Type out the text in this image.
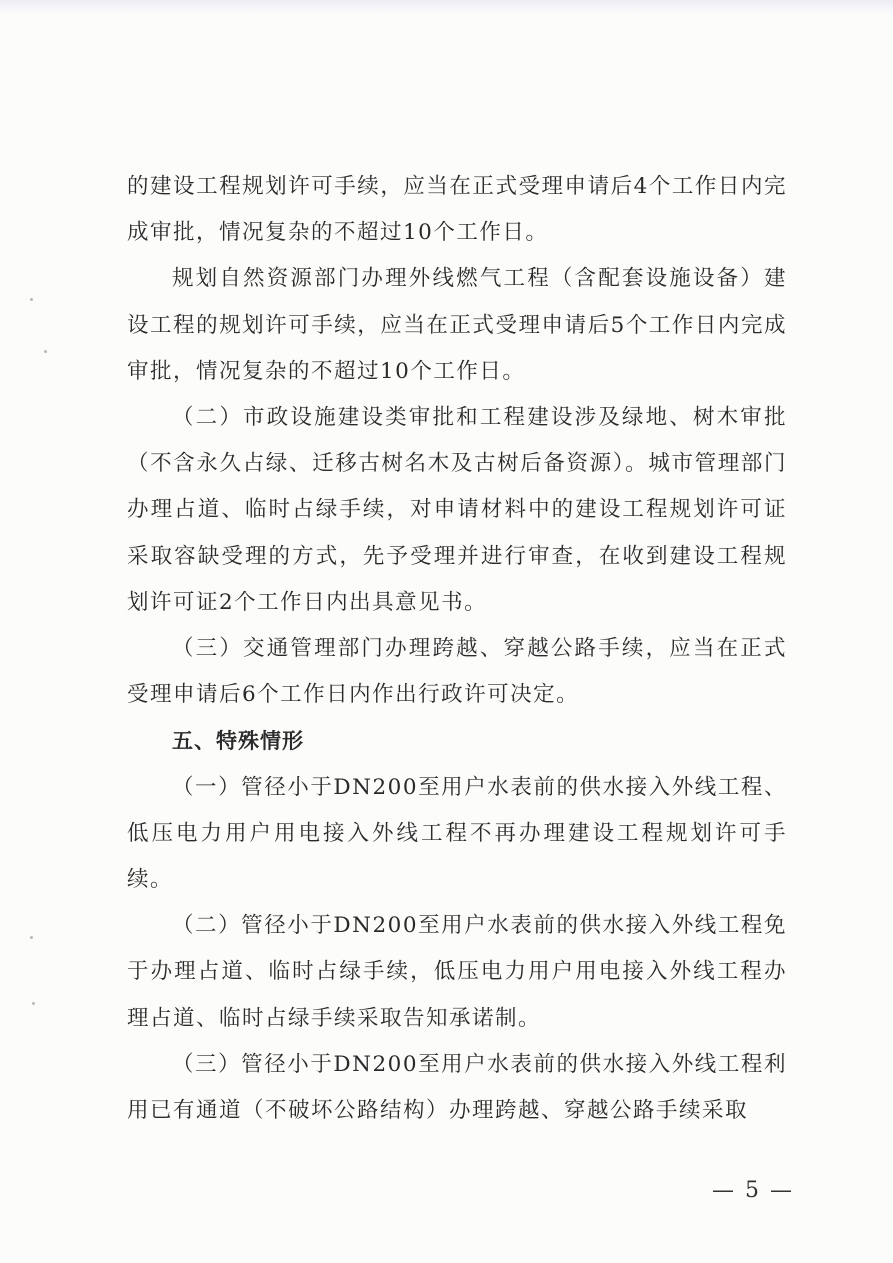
的建设工程规划许可手续，应当在正式受理申请后4个工作日内完成审批，情况复杂的不超过10个工作日。

规划自然资源部门办理外线燃气工程（含配套设施设备）建设工程的规划许可手续，应当在正式受理申请后5个工作日内完成审批，情况复杂的不超过10个工作日。

（二）市政设施建设类审批和工程建设涉及绿地、树木审批（不含永久占绿、迁移古树名木及古树后备资源）。城市管理部门办理占道、临时占绿手续，对申请材料中的建设工程规划许可证采取容缺受理的方式，先予受理并进行审查，在收到建设工程规划许可证2个工作日内出具意见书。

（三）交通管理部门办理跨越、穿越公路手续，应当在正式受理申请后6个工作日内作出行政许可决定。

五、特殊情形

（一）管径小于DN200至用户水表前的供水接入外线工程、低压电力用户用电接入外线工程不再办理建设工程规划许可手续。

（二）管径小于DN200至用户水表前的供水接入外线工程免于办理占道、临时占绿手续，低压电力用户用电接入外线工程办理占道、临时占绿手续采取告知承诺制。

（三）管径小于DN200至用户水表前的供水接入外线工程利用已有通道（不破坏公路结构）办理跨越、穿越公路手续采取

— 5 —
